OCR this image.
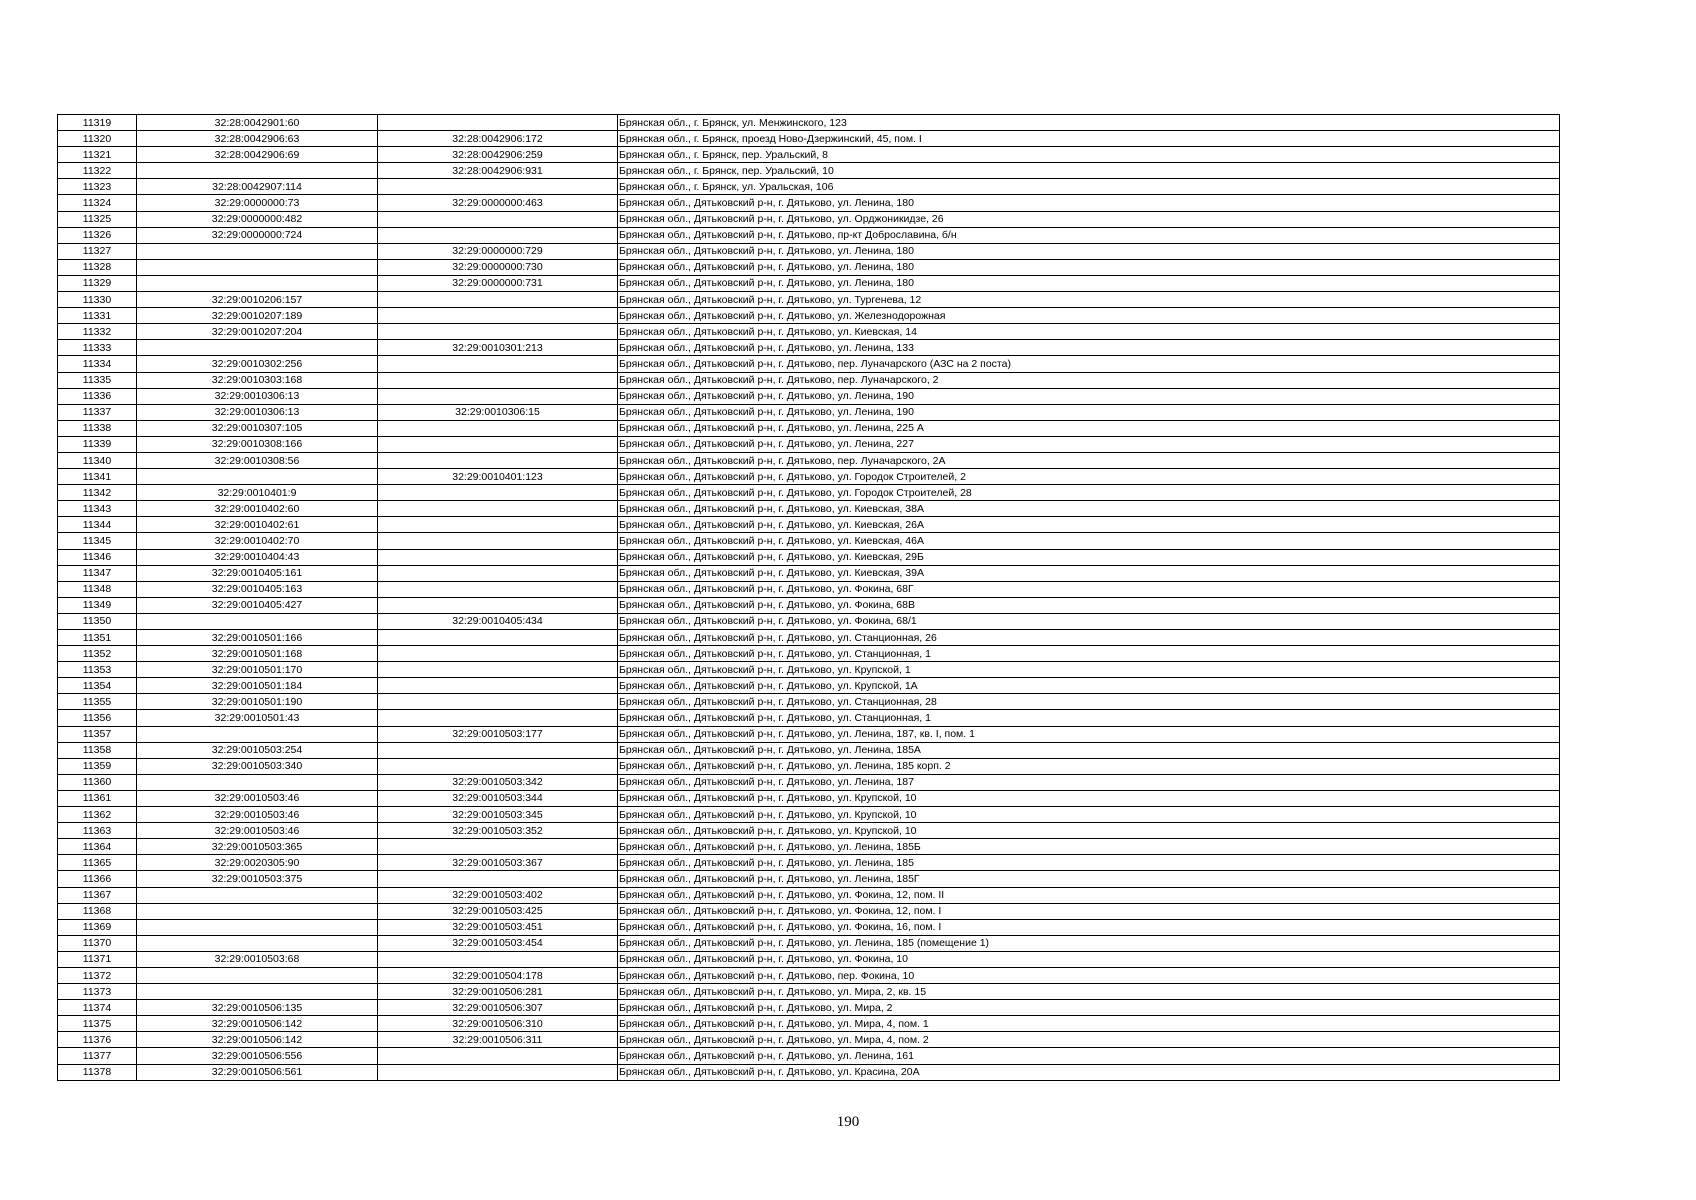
11319	32:28:0042901:60		Брянская обл., г. Брянск, ул. Менжинского, 123
11320	32:28:0042906:63	32:28:0042906:172	Брянская обл., г. Брянск, проезд Ново-Дзержинский, 45, пом. I
11321	32:28:0042906:69	32:28:0042906:259	Брянская обл., г. Брянск, пер. Уральский, 8
11322		32:28:0042906:931	Брянская обл., г. Брянск, пер. Уральский, 10
11323	32:28:0042907:114		Брянская обл., г. Брянск, ул. Уральская, 106
11324	32:29:0000000:73	32:29:0000000:463	Брянская обл., Дятьковский р-н, г. Дятьково, ул. Ленина, 180
11325	32:29:0000000:482		Брянская обл., Дятьковский р-н, г. Дятьково, ул. Орджоникидзе, 26
11326	32:29:0000000:724		Брянская обл., Дятьковский р-н, г. Дятьково, пр-кт Доброславина, б/н
11327		32:29:0000000:729	Брянская обл., Дятьковский р-н, г. Дятьково, ул. Ленина, 180
11328		32:29:0000000:730	Брянская обл., Дятьковский р-н, г. Дятьково, ул. Ленина, 180
11329		32:29:0000000:731	Брянская обл., Дятьковский р-н, г. Дятьково, ул. Ленина, 180
11330	32:29:0010206:157		Брянская обл., Дятьковский р-н, г. Дятьково, ул. Тургенева, 12
11331	32:29:0010207:189		Брянская обл., Дятьковский р-н, г. Дятьково, ул. Железнодорожная
11332	32:29:0010207:204		Брянская обл., Дятьковский р-н, г. Дятьково, ул. Киевская, 14
11333		32:29:0010301:213	Брянская обл., Дятьковский р-н, г. Дятьково, ул. Ленина, 133
11334	32:29:0010302:256		Брянская обл., Дятьковский р-н, г. Дятьково, пер. Луначарского (АЗС на 2 поста)
11335	32:29:0010303:168		Брянская обл., Дятьковский р-н, г. Дятьково, пер. Луначарского, 2
11336	32:29:0010306:13		Брянская обл., Дятьковский р-н, г. Дятьково, ул. Ленина, 190
11337	32:29:0010306:13	32:29:0010306:15	Брянская обл., Дятьковский р-н, г. Дятьково, ул. Ленина, 190
11338	32:29:0010307:105		Брянская обл., Дятьковский р-н, г. Дятьково, ул. Ленина, 225 А
11339	32:29:0010308:166		Брянская обл., Дятьковский р-н, г. Дятьково, ул. Ленина, 227
11340	32:29:0010308:56		Брянская обл., Дятьковский р-н, г. Дятьково, пер. Луначарского, 2А
11341		32:29:0010401:123	Брянская обл., Дятьковский р-н, г. Дятьково, ул. Городок Строителей, 2
11342	32:29:0010401:9		Брянская обл., Дятьковский р-н, г. Дятьково, ул. Городок Строителей, 28
11343	32:29:0010402:60		Брянская обл., Дятьковский р-н, г. Дятьково, ул. Киевская, 38А
11344	32:29:0010402:61		Брянская обл., Дятьковский р-н, г. Дятьково, ул. Киевская, 26А
11345	32:29:0010402:70		Брянская обл., Дятьковский р-н, г. Дятьково, ул. Киевская, 46А
11346	32:29:0010404:43		Брянская обл., Дятьковский р-н, г. Дятьково, ул. Киевская, 29Б
11347	32:29:0010405:161		Брянская обл., Дятьковский р-н, г. Дятьково, ул. Киевская, 39А
11348	32:29:0010405:163		Брянская обл., Дятьковский р-н, г. Дятьково, ул. Фокина, 68Г
11349	32:29:0010405:427		Брянская обл., Дятьковский р-н, г. Дятьково, ул. Фокина, 68В
11350		32:29:0010405:434	Брянская обл., Дятьковский р-н, г. Дятьково, ул. Фокина, 68/1
11351	32:29:0010501:166		Брянская обл., Дятьковский р-н, г. Дятьково, ул. Станционная, 26
11352	32:29:0010501:168		Брянская обл., Дятьковский р-н, г. Дятьково, ул. Станционная, 1
11353	32:29:0010501:170		Брянская обл., Дятьковский р-н, г. Дятьково, ул. Крупской, 1
11354	32:29:0010501:184		Брянская обл., Дятьковский р-н, г. Дятьково, ул. Крупской, 1А
11355	32:29:0010501:190		Брянская обл., Дятьковский р-н, г. Дятьково, ул. Станционная, 28
11356	32:29:0010501:43		Брянская обл., Дятьковский р-н, г. Дятьково, ул. Станционная, 1
11357		32:29:0010503:177	Брянская обл., Дятьковский р-н, г. Дятьково, ул. Ленина, 187, кв. I, пом. 1
11358	32:29:0010503:254		Брянская обл., Дятьковский р-н, г. Дятьково, ул. Ленина, 185А
11359	32:29:0010503:340		Брянская обл., Дятьковский р-н, г. Дятьково, ул. Ленина, 185 корп. 2
11360		32:29:0010503:342	Брянская обл., Дятьковский р-н, г. Дятьково, ул. Ленина, 187
11361	32:29:0010503:46	32:29:0010503:344	Брянская обл., Дятьковский р-н, г. Дятьково, ул. Крупской, 10
11362	32:29:0010503:46	32:29:0010503:345	Брянская обл., Дятьковский р-н, г. Дятьково, ул. Крупской, 10
11363	32:29:0010503:46	32:29:0010503:352	Брянская обл., Дятьковский р-н, г. Дятьково, ул. Крупской, 10
11364	32:29:0010503:365		Брянская обл., Дятьковский р-н, г. Дятьково, ул. Ленина, 185Б
11365	32:29:0020305:90	32:29:0010503:367	Брянская обл., Дятьковский р-н, г. Дятьково, ул. Ленина, 185
11366	32:29:0010503:375		Брянская обл., Дятьковский р-н, г. Дятьково, ул. Ленина, 185Г
11367		32:29:0010503:402	Брянская обл., Дятьковский р-н, г. Дятьково, ул. Фокина, 12, пом. II
11368		32:29:0010503:425	Брянская обл., Дятьковский р-н, г. Дятьково, ул. Фокина, 12, пом. I
11369		32:29:0010503:451	Брянская обл., Дятьковский р-н, г. Дятьково, ул. Фокина, 16, пом. I
11370		32:29:0010503:454	Брянская обл., Дятьковский р-н, г. Дятьково, ул. Ленина, 185 (помещение 1)
11371	32:29:0010503:68		Брянская обл., Дятьковский р-н, г. Дятьково, ул. Фокина, 10
11372		32:29:0010504:178	Брянская обл., Дятьковский р-н, г. Дятьково, пер. Фокина, 10
11373		32:29:0010506:281	Брянская обл., Дятьковский р-н, г. Дятьково, ул. Мира, 2, кв. 15
11374	32:29:0010506:135	32:29:0010506:307	Брянская обл., Дятьковский р-н, г. Дятьково, ул. Мира, 2
11375	32:29:0010506:142	32:29:0010506:310	Брянская обл., Дятьковский р-н, г. Дятьково, ул. Мира, 4, пом. 1
11376	32:29:0010506:142	32:29:0010506:311	Брянская обл., Дятьковский р-н, г. Дятьково, ул. Мира, 4, пом. 2
11377	32:29:0010506:556		Брянская обл., Дятьковский р-н, г. Дятьково, ул. Ленина, 161
11378	32:29:0010506:561		Брянская обл., Дятьковский р-н, г. Дятьково, ул. Красина, 20А
190
